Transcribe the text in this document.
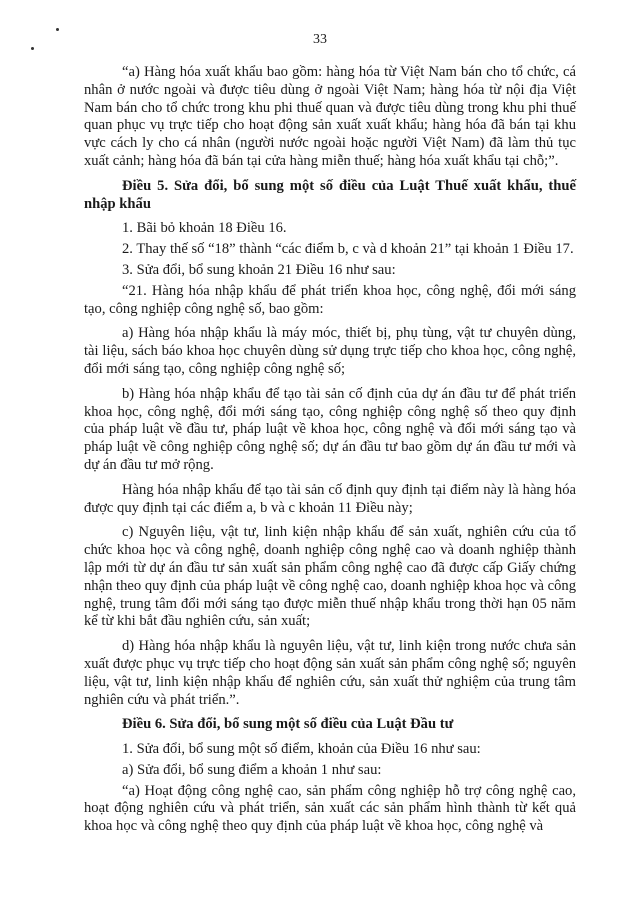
33

“a) Hàng hóa xuất khẩu bao gồm: hàng hóa từ Việt Nam bán cho tổ chức, cá nhân ở nước ngoài và được tiêu dùng ở ngoài Việt Nam; hàng hóa từ nội địa Việt Nam bán cho tổ chức trong khu phi thuế quan và được tiêu dùng trong khu phi thuế quan phục vụ trực tiếp cho hoạt động sản xuất xuất khẩu; hàng hóa đã bán tại khu vực cách ly cho cá nhân (người nước ngoài hoặc người Việt Nam) đã làm thủ tục xuất cảnh; hàng hóa đã bán tại cửa hàng miễn thuế; hàng hóa xuất khẩu tại chỗ;”.

Điều 5. Sửa đổi, bổ sung một số điều của Luật Thuế xuất khẩu, thuế nhập khẩu

1. Bãi bỏ khoản 18 Điều 16.

2. Thay thế số “18” thành “các điểm b, c và d khoản 21” tại khoản 1 Điều 17.

3. Sửa đổi, bổ sung khoản 21 Điều 16 như sau:

“21. Hàng hóa nhập khẩu để phát triển khoa học, công nghệ, đổi mới sáng tạo, công nghiệp công nghệ số, bao gồm:

a) Hàng hóa nhập khẩu là máy móc, thiết bị, phụ tùng, vật tư chuyên dùng, tài liệu, sách báo khoa học chuyên dùng sử dụng trực tiếp cho khoa học, công nghệ, đổi mới sáng tạo, công nghiệp công nghệ số;

b) Hàng hóa nhập khẩu để tạo tài sản cố định của dự án đầu tư để phát triển khoa học, công nghệ, đổi mới sáng tạo, công nghiệp công nghệ số theo quy định của pháp luật về đầu tư, pháp luật về khoa học, công nghệ và đổi mới sáng tạo và pháp luật về công nghiệp công nghệ số; dự án đầu tư bao gồm dự án đầu tư mới và dự án đầu tư mở rộng.

Hàng hóa nhập khẩu để tạo tài sản cố định quy định tại điểm này là hàng hóa được quy định tại các điểm a, b và c khoản 11 Điều này;

c) Nguyên liệu, vật tư, linh kiện nhập khẩu để sản xuất, nghiên cứu của tổ chức khoa học và công nghệ, doanh nghiệp công nghệ cao và doanh nghiệp thành lập mới từ dự án đầu tư sản xuất sản phẩm công nghệ cao đã được cấp Giấy chứng nhận theo quy định của pháp luật về công nghệ cao, doanh nghiệp khoa học và công nghệ, trung tâm đổi mới sáng tạo được miễn thuế nhập khẩu trong thời hạn 05 năm kể từ khi bắt đầu nghiên cứu, sản xuất;

d) Hàng hóa nhập khẩu là nguyên liệu, vật tư, linh kiện trong nước chưa sản xuất được phục vụ trực tiếp cho hoạt động sản xuất sản phẩm công nghệ số; nguyên liệu, vật tư, linh kiện nhập khẩu để nghiên cứu, sản xuất thử nghiệm của trung tâm nghiên cứu và phát triển.”.

Điều 6. Sửa đổi, bổ sung một số điều của Luật Đầu tư

1. Sửa đổi, bổ sung một số điểm, khoản của Điều 16 như sau:

a) Sửa đổi, bổ sung điểm a khoản 1 như sau:

“a) Hoạt động công nghệ cao, sản phẩm công nghiệp hỗ trợ công nghệ cao, hoạt động nghiên cứu và phát triển, sản xuất các sản phẩm hình thành từ kết quả khoa học và công nghệ theo quy định của pháp luật về khoa học, công nghệ và
